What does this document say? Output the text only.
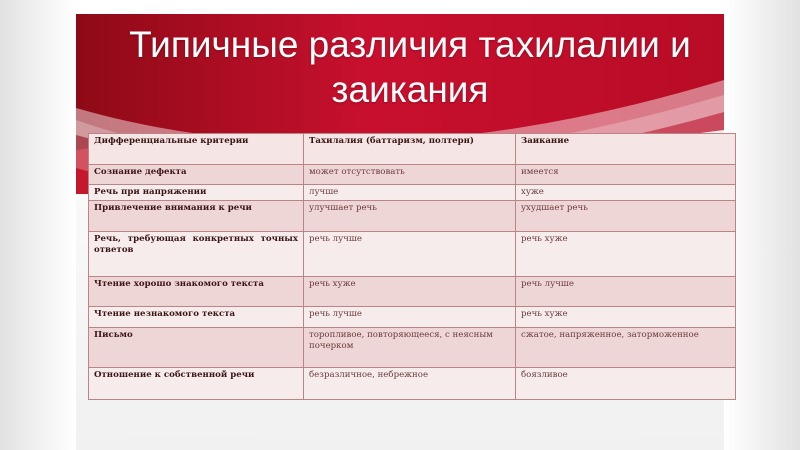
Типичные различия тахилалии и
заикания
Дифференциальные критерии	Тахилалия (баттаризм, полтерн)	Заикание
Сознание дефекта	может отсутствовать	имеется
Речь при напряжении	лучше	хуже
Привлечение внимания к речи	улучшает речь	ухудшает речь
Речь, требующая конкретных точных ответов	речь лучше	речь хуже
Чтение хорошо знакомого текста	речь хуже	речь лучше
Чтение незнакомого текста	речь лучше	речь хуже
Письмо	торопливое, повторяющееся, с неясным почерком	сжатое, напряженное, заторможенное
Отношение к собственной речи	безразличное, небрежное	боязливое
